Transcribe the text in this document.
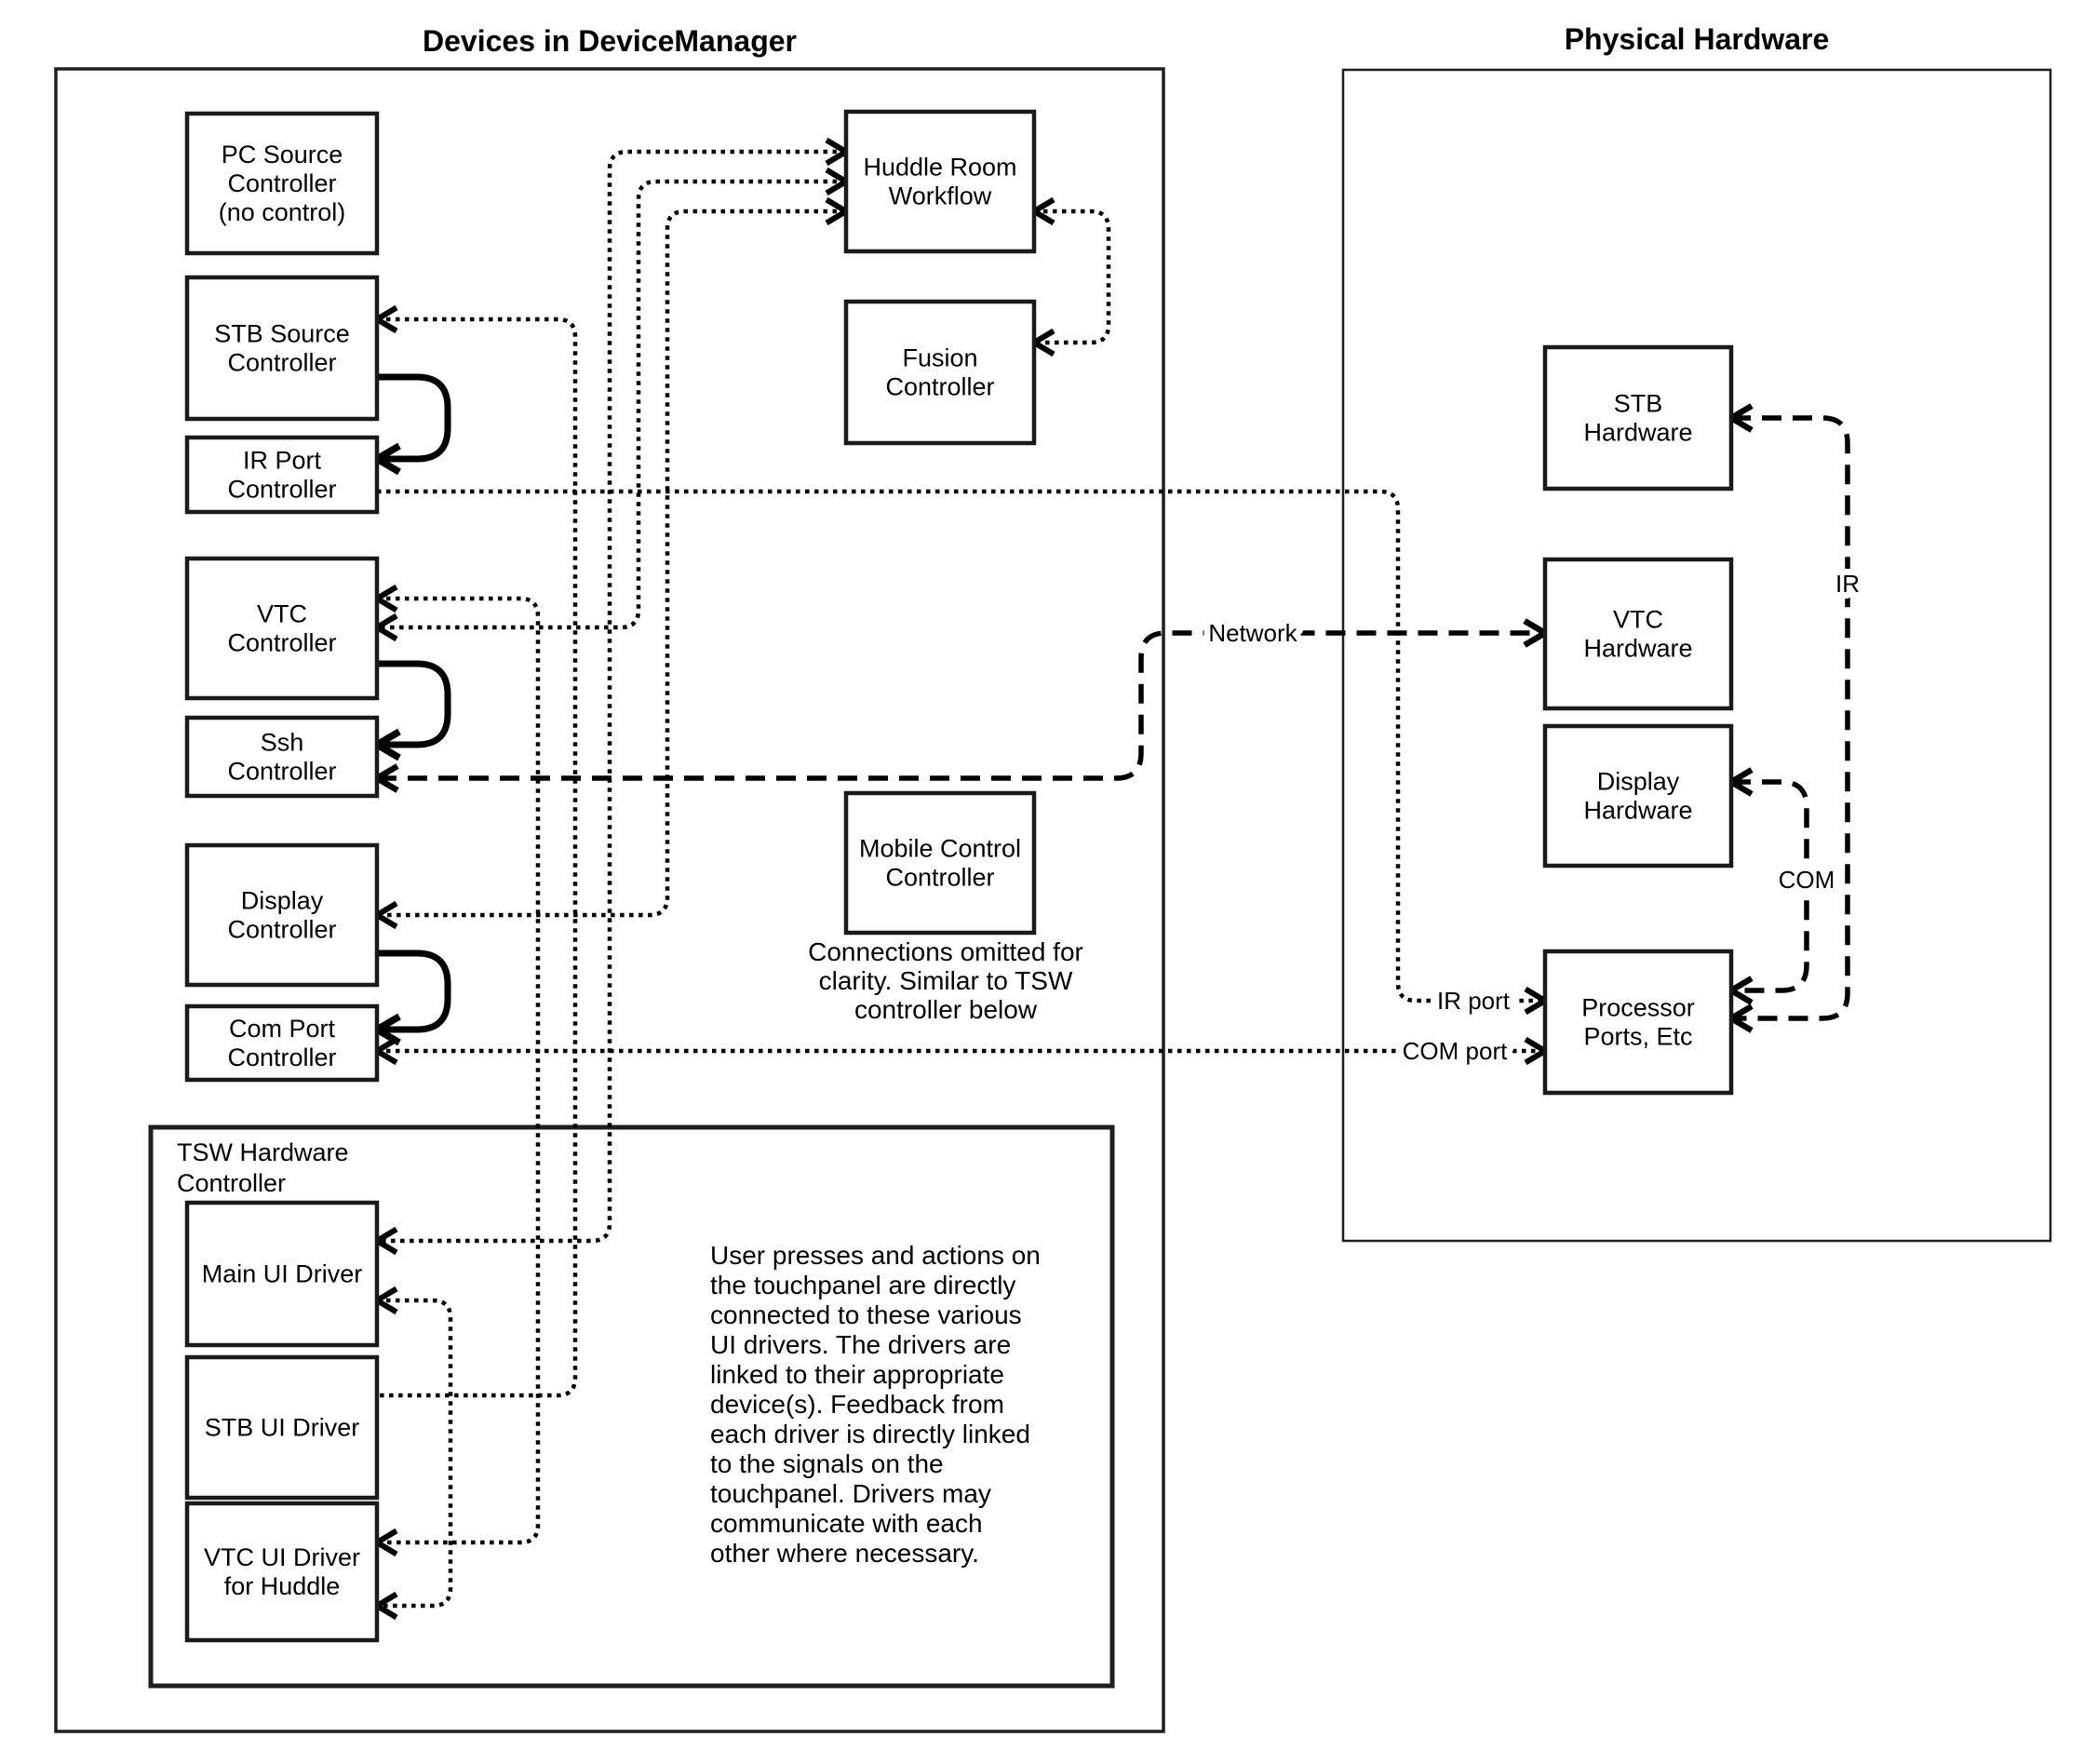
TSW Hardware Controller
PC Source Controller (no control)
STB Source Controller
IR Port Controller
VTC Controller
Ssh Controller
Display Controller
Com Port Controller
Main UI Driver
STB UI Driver
VTC UI Driver for Huddle
Huddle Room Workflow
Fusion Controller
Mobile Control Controller
STB Hardware
VTC Hardware
Display Hardware
Processor Ports, Etc
Network
IR
COM
IR port
COM port
Connections omitted for clarity. Similar to TSW controller below
User presses and actions on the touchpanel are directly connected to these various UI drivers. The drivers are linked to their appropriate device(s). Feedback from each driver is directly linked to the signals on the touchpanel. Drivers may communicate with each other where necessary.
Devices in DeviceManager	Physical Hardware
